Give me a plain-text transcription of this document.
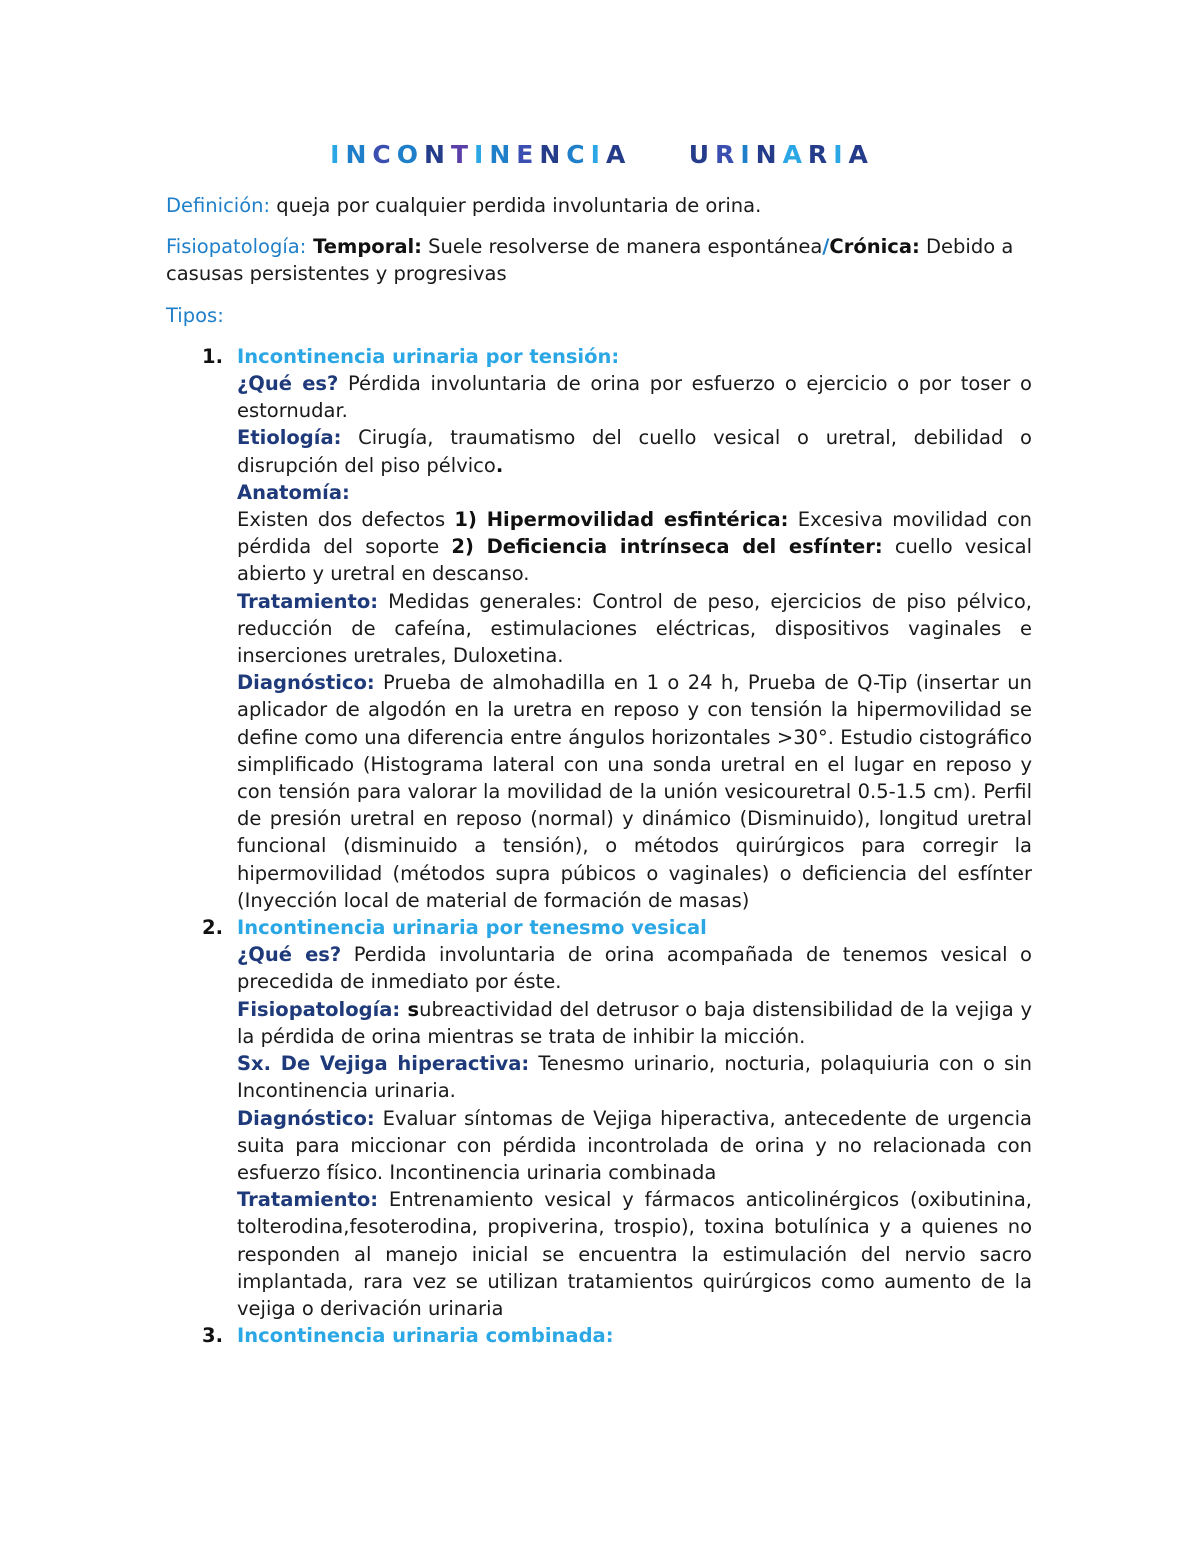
I N C O N T I N E N C I A	U R I N A R I A

Definición: queja por cualquier perdida involuntaria de orina.

Fisiopatología: Temporal: Suele resolverse de manera espontánea/Crónica: Debido a casusas persistentes y progresivas

Tipos:

1. Incontinencia urinaria por tensión:

¿Qué es? Pérdida involuntaria de orina por esfuerzo o ejercicio o por toser o estornudar.

Etiología: Cirugía, traumatismo del cuello vesical o uretral, debilidad o disrupción del piso pélvico.

Anatomía:

Existen dos defectos 1) Hipermovilidad esfintérica: Excesiva movilidad con pérdida del soporte 2) Deficiencia intrínseca del esfínter: cuello vesical abierto y uretral en descanso.

Tratamiento: Medidas generales: Control de peso, ejercicios de piso pélvico, reducción de cafeína, estimulaciones eléctricas, dispositivos vaginales e inserciones uretrales, Duloxetina.

Diagnóstico: Prueba de almohadilla en 1 o 24 h, Prueba de Q-Tip (insertar un aplicador de algodón en la uretra en reposo y con tensión la hipermovilidad se define como una diferencia entre ángulos horizontales >30°. Estudio cistográfico simplificado (Histograma lateral con una sonda uretral en el lugar en reposo y con tensión para valorar la movilidad de la unión vesicouretral 0.5-1.5 cm). Perfil de presión uretral en reposo (normal) y dinámico (Disminuido), longitud uretral funcional (disminuido a tensión), o métodos quirúrgicos para corregir la hipermovilidad (métodos supra púbicos o vaginales) o deficiencia del esfínter (Inyección local de material de formación de masas)

2. Incontinencia urinaria por tenesmo vesical

¿Qué es? Perdida involuntaria de orina acompañada de tenemos vesical o precedida de inmediato por éste.

Fisiopatología: subreactividad del detrusor o baja distensibilidad de la vejiga y la pérdida de orina mientras se trata de inhibir la micción.

Sx. De Vejiga hiperactiva: Tenesmo urinario, nocturia, polaquiuria con o sin Incontinencia urinaria.

Diagnóstico: Evaluar síntomas de Vejiga hiperactiva, antecedente de urgencia suita para miccionar con pérdida incontrolada de orina y no relacionada con esfuerzo físico. Incontinencia urinaria combinada

Tratamiento: Entrenamiento vesical y fármacos anticolinérgicos (oxibutinina, tolterodina,fesoterodina, propiverina, trospio), toxina botulínica y a quienes no responden al manejo inicial se encuentra la estimulación del nervio sacro implantada, rara vez se utilizan tratamientos quirúrgicos como aumento de la vejiga o derivación urinaria

3. Incontinencia urinaria combinada:
